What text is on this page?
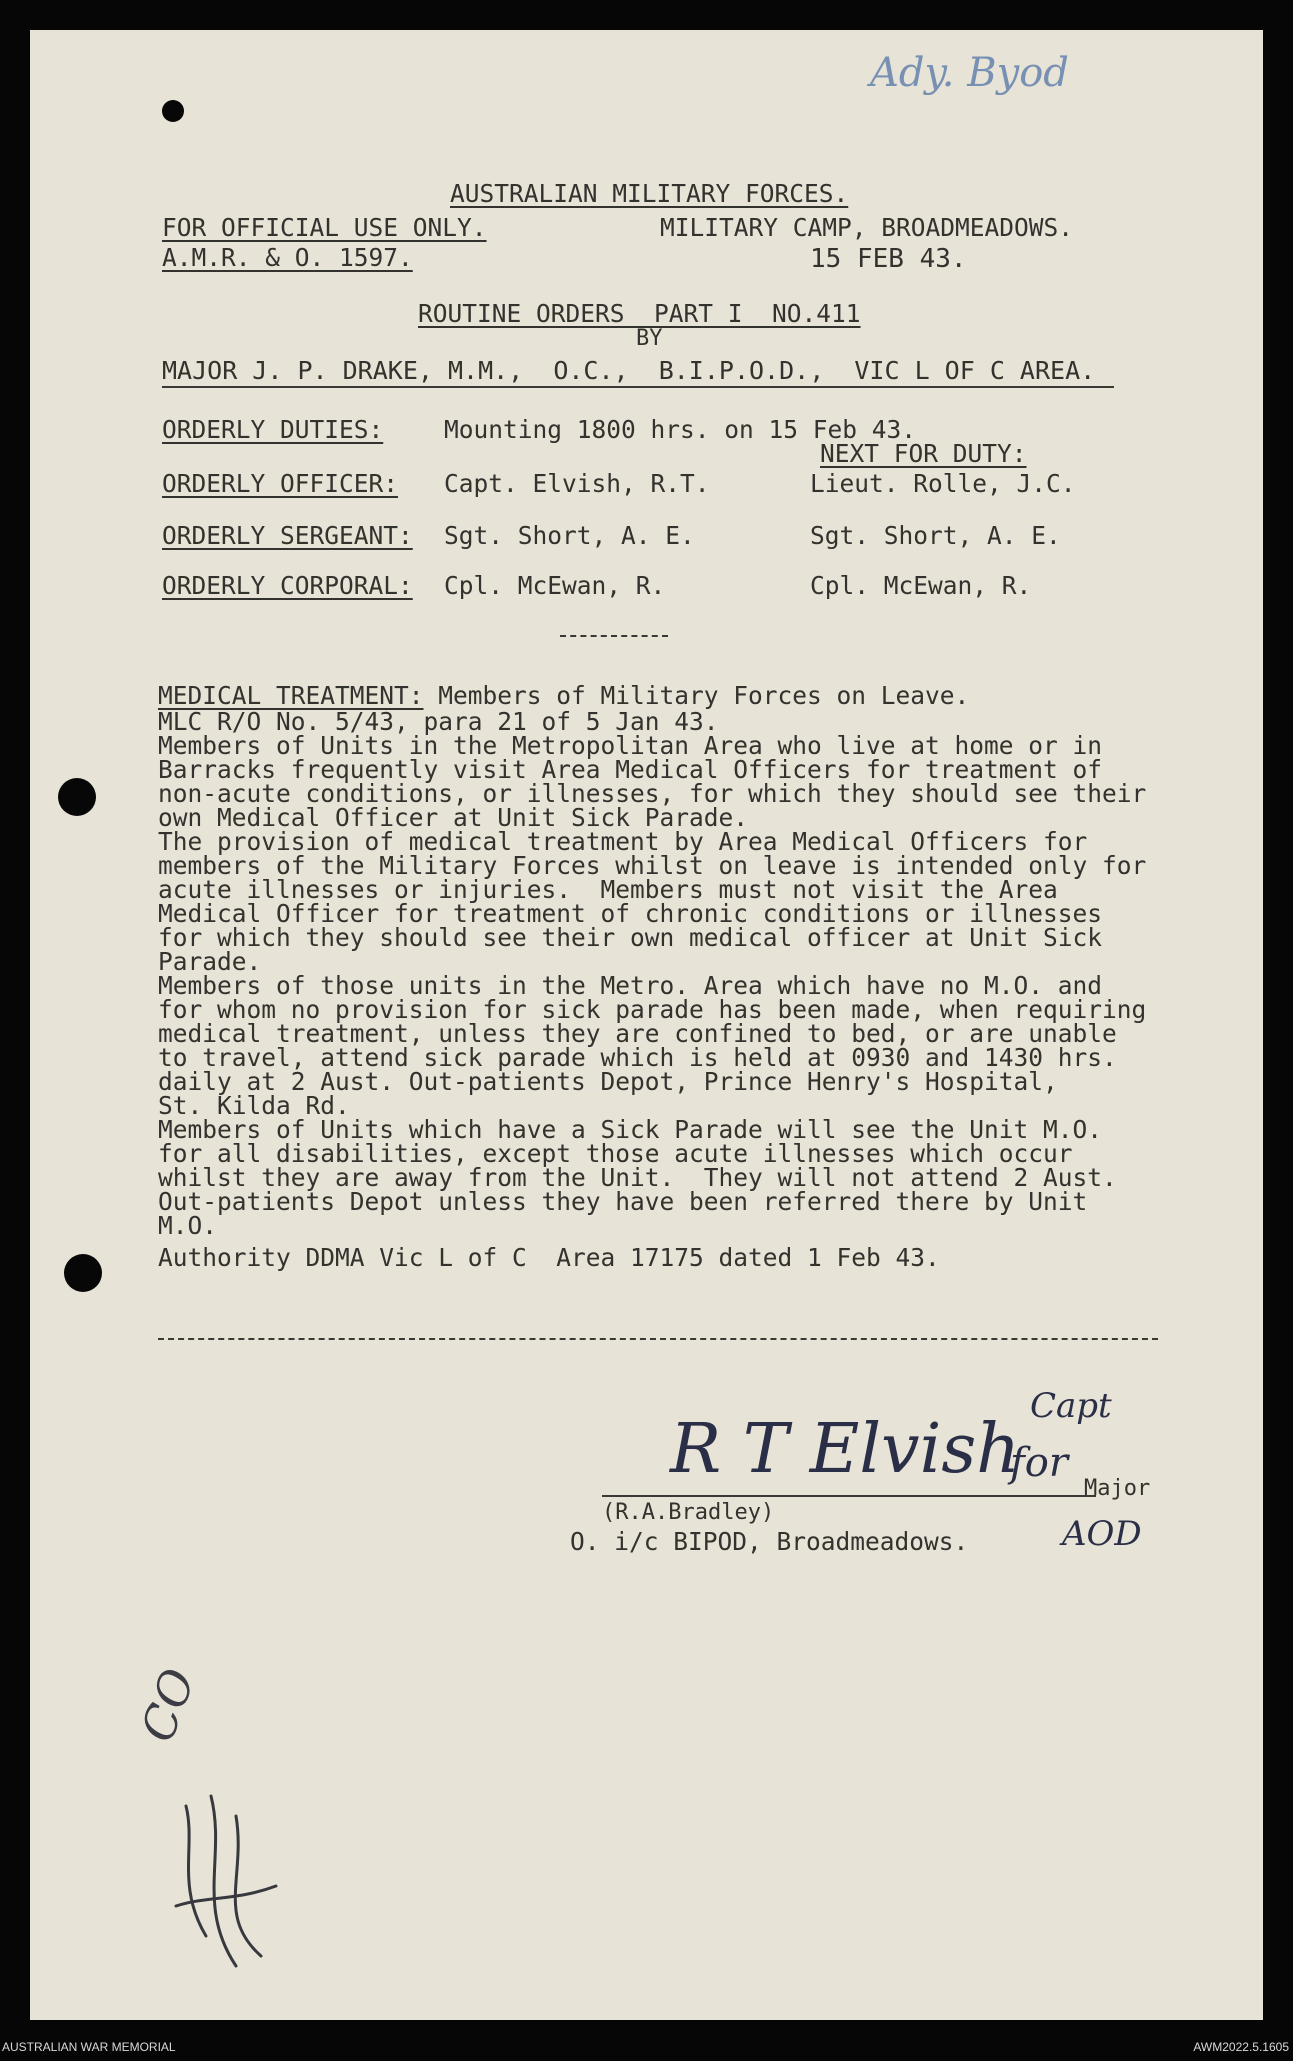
Ady. Byod
AUSTRALIAN MILITARY FORCES.
FOR OFFICIAL USE ONLY.	MILITARY CAMP, BROADMEADOWS.
A.M.R. & O. 1597.	15 FEB 43.
ROUTINE ORDERS  PART I  NO.411
BY
MAJOR J. P. DRAKE, M.M.,  O.C.,  B.I.P.O.D.,  VIC L OF C AREA.
ORDERLY DUTIES: Mounting 1800 hrs. on 15 Feb 43.
NEXT FOR DUTY:
ORDERLY OFFICER: Capt. Elvish, R.T.	Lieut. Rolle, J.C.
ORDERLY SERGEANT: Sgt. Short, A. E.	Sgt. Short, A. E.
ORDERLY CORPORAL: Cpl. McEwan, R.	Cpl. McEwan, R.
MEDICAL TREATMENT: Members of Military Forces on Leave.
MLC R/O No. 5/43, para 21 of 5 Jan 43.
Members of Units in the Metropolitan Area who live at home or in
Barracks frequently visit Area Medical Officers for treatment of
non-acute conditions, or illnesses, for which they should see their
own Medical Officer at Unit Sick Parade.
The provision of medical treatment by Area Medical Officers for
members of the Military Forces whilst on leave is intended only for
acute illnesses or injuries.  Members must not visit the Area
Medical Officer for treatment of chronic conditions or illnesses
for which they should see their own medical officer at Unit Sick
Parade.
Members of those units in the Metro. Area which have no M.O. and
for whom no provision for sick parade has been made, when requiring
medical treatment, unless they are confined to bed, or are unable
to travel, attend sick parade which is held at 0930 and 1430 hrs.
daily at 2 Aust. Out-patients Depot, Prince Henry's Hospital,
St. Kilda Rd.
Members of Units which have a Sick Parade will see the Unit M.O.
for all disabilities, except those acute illnesses which occur
whilst they are away from the Unit.  They will not attend 2 Aust.
Out-patients Depot unless they have been referred there by Unit
M.O.
Authority DDMA Vic L of C  Area 17175 dated 1 Feb 43.
R T Elvish
Capt
for
Major
(R.A.Bradley)
O. i/c BIPOD, Broadmeadows.	AOD
CO
AUSTRALIAN WAR MEMORIAL	AWM2022.5.1605
